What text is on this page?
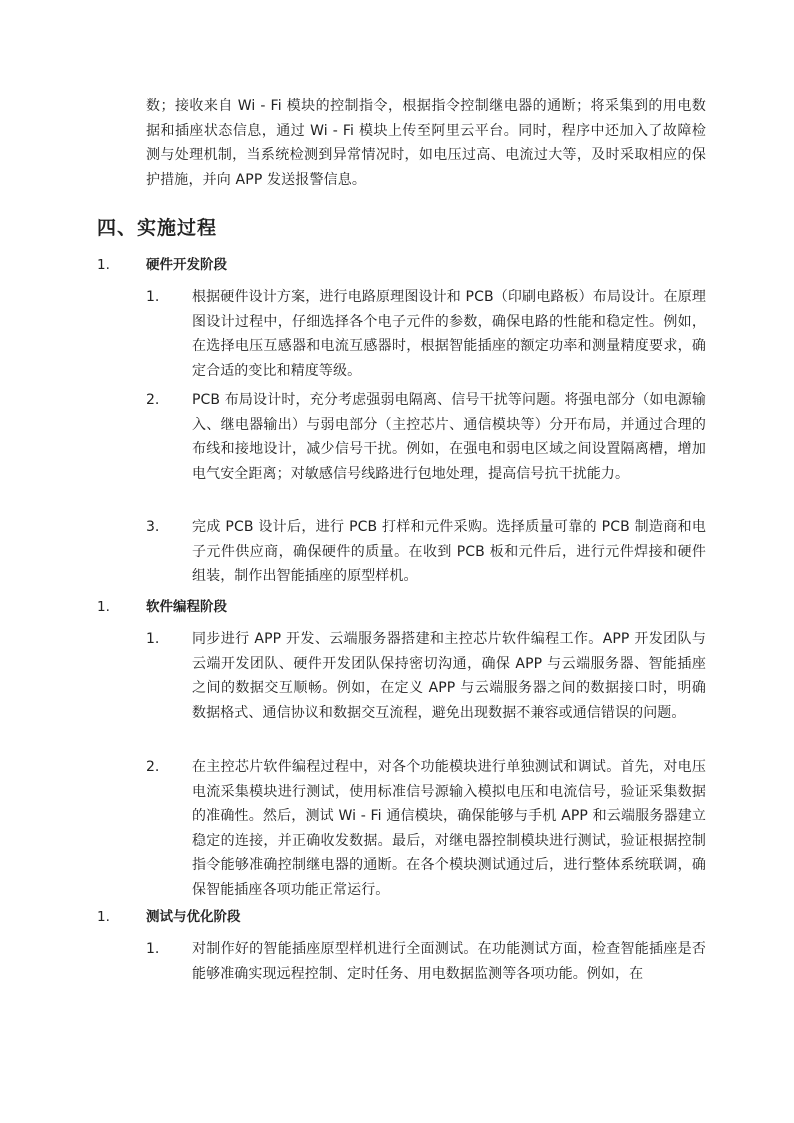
数；接收来自 Wi - Fi 模块的控制指令，根据指令控制继电器的通断；将采集到的用电数据和插座状态信息，通过 Wi - Fi 模块上传至阿里云平台。同时，程序中还加入了故障检测与处理机制，当系统检测到异常情况时，如电压过高、电流过大等，及时采取相应的保护措施，并向 APP 发送报警信息。

四、实施过程
1.	硬件开发阶段
1. 根据硬件设计方案，进行电路原理图设计和 PCB（印刷电路板）布局设计。在原理图设计过程中，仔细选择各个电子元件的参数，确保电路的性能和稳定性。例如，在选择电压互感器和电流互感器时，根据智能插座的额定功率和测量精度要求，确定合适的变比和精度等级。

2. PCB 布局设计时，充分考虑强弱电隔离、信号干扰等问题。将强电部分（如电源输入、继电器输出）与弱电部分（主控芯片、通信模块等）分开布局，并通过合理的布线和接地设计，减少信号干扰。例如，在强电和弱电区域之间设置隔离槽，增加电气安全距离；对敏感信号线路进行包地处理，提高信号抗干扰能力。

3. 完成 PCB 设计后，进行 PCB 打样和元件采购。选择质量可靠的 PCB 制造商和电子元件供应商，确保硬件的质量。在收到 PCB 板和元件后，进行元件焊接和硬件组装，制作出智能插座的原型样机。

1.	软件编程阶段
1. 同步进行 APP 开发、云端服务器搭建和主控芯片软件编程工作。APP 开发团队与云端开发团队、硬件开发团队保持密切沟通，确保 APP 与云端服务器、智能插座之间的数据交互顺畅。例如，在定义 APP 与云端服务器之间的数据接口时，明确数据格式、通信协议和数据交互流程，避免出现数据不兼容或通信错误的问题。

2. 在主控芯片软件编程过程中，对各个功能模块进行单独测试和调试。首先，对电压电流采集模块进行测试，使用标准信号源输入模拟电压和电流信号，验证采集数据的准确性。然后，测试 Wi - Fi 通信模块，确保能够与手机 APP 和云端服务器建立稳定的连接，并正确收发数据。最后，对继电器控制模块进行测试，验证根据控制指令能够准确控制继电器的通断。在各个模块测试通过后，进行整体系统联调，确保智能插座各项功能正常运行。

1.	测试与优化阶段
1. 对制作好的智能插座原型样机进行全面测试。在功能测试方面，检查智能插座是否能够准确实现远程控制、定时任务、用电数据监测等各项功能。例如，在
